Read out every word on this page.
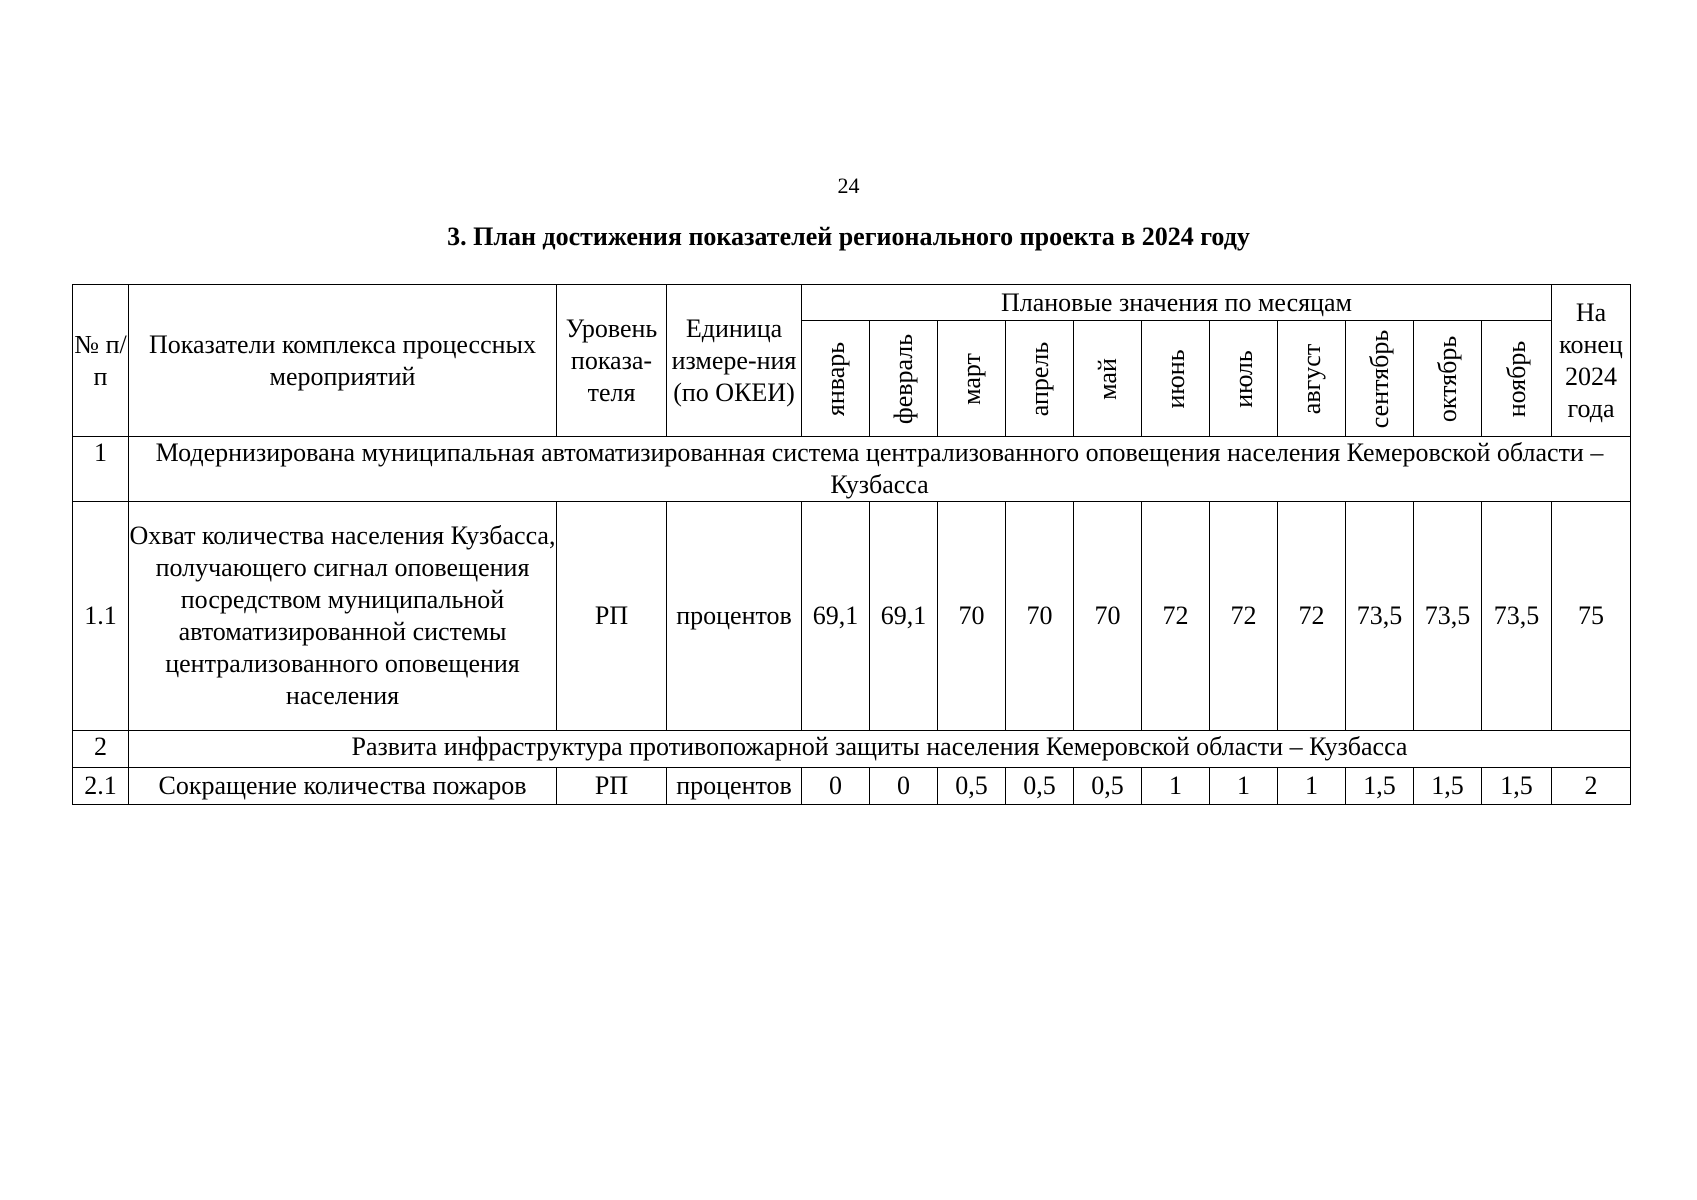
24
3. План достижения показателей регионального проекта в 2024 году
№ п/п	Показатели комплекса процессных мероприятий	Уровень показа-теля	Единица измере-ния (по ОКЕИ)	Плановые значения по месяцам											На конец 2024 года

				январь	февраль	март	апрель	май	июнь	июль	август	сентябрь	октябрь	ноябрь	

1	Модернизирована муниципальная автоматизированная система централизованного оповещения населения Кемеровской области – Кузбасса														
1.1	Охват количества населения Кузбасса, получающего сигнал оповещения посредством муниципальной автоматизированной системы централизованного оповещения населения	РП	процентов	69,1	69,1	70	70	70	72	72	72	73,5	73,5	73,5	75
2	Развита инфраструктура противопожарной защиты населения Кемеровской области – Кузбасса														
2.1	Сокращение количества пожаров	РП	процентов	0	0	0,5	0,5	0,5	1	1	1	1,5	1,5	1,5	2
